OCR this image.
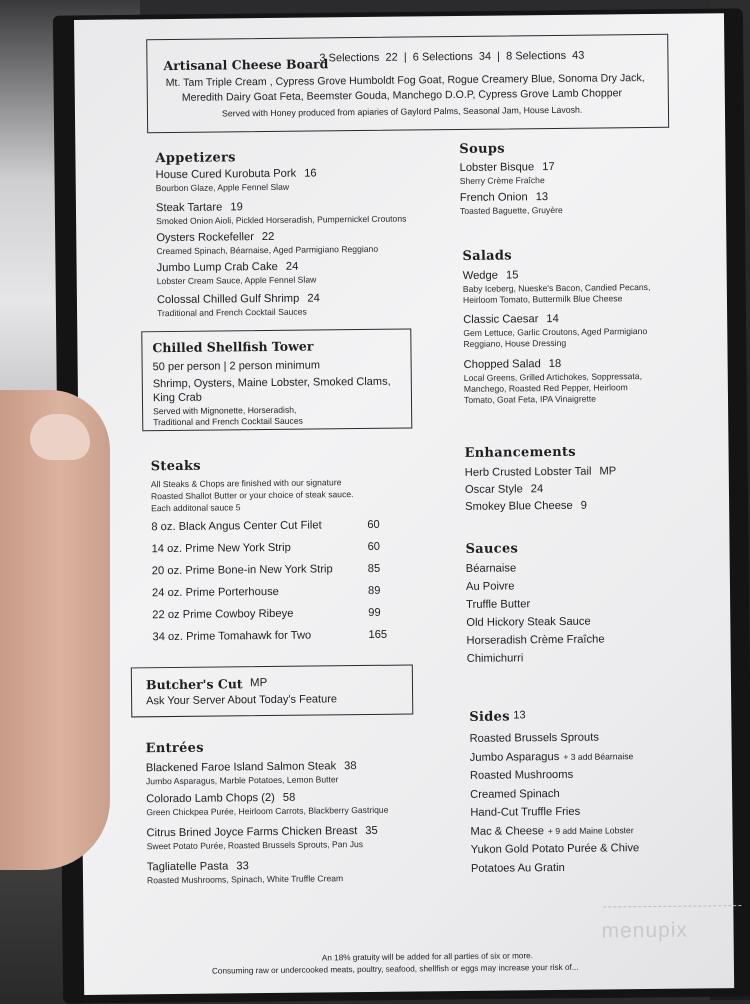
Artisanal Cheese Board
3 Selections  22  |  6 Selections  34  |  8 Selections  43
Mt. Tam Triple Cream , Cypress Grove Humboldt Fog Goat, Rogue Creamery Blue, Sonoma Dry Jack,
Meredith Dairy Goat Feta, Beemster Gouda, Manchego D.O.P, Cypress Grove Lamb Chopper
Served with Honey produced from apiaries of Gaylord Palms, Seasonal Jam, House Lavosh.
Appetizers
House Cured Kurobuta Pork 16
Bourbon Glaze, Apple Fennel Slaw
Steak Tartare 19
Smoked Onion Aioli, Pickled Horseradish, Pumpernickel Croutons
Oysters Rockefeller 22
Creamed Spinach, Béarnaise, Aged Parmigiano Reggiano
Jumbo Lump Crab Cake 24
Lobster Cream Sauce, Apple Fennel Slaw
Colossal Chilled Gulf Shrimp 24
Traditional and French Cocktail Sauces
Chilled Shellfish Tower
50 per person | 2 person minimum
Shrimp, Oysters, Maine Lobster, Smoked Clams,
King Crab
Served with Mignonette, Horseradish,
Traditional and French Cocktail Sauces
Steaks
All Steaks & Chops are finished with our signature
Roasted Shallot Butter or your choice of steak sauce.
Each additonal sauce 5
8 oz. Black Angus Center Cut Filet	60
14 oz. Prime New York Strip	60
20 oz. Prime Bone-in New York Strip	85
24 oz. Prime Porterhouse	89
22 oz Prime Cowboy Ribeye	99
34 oz. Prime Tomahawk for Two	165
Butcher's Cut MP
Ask Your Server About Today's Feature
Entrées
Blackened Faroe Island Salmon Steak 38
Jumbo Asparagus, Marble Potatoes, Lemon Butter
Colorado Lamb Chops (2) 58
Green Chickpea Purée, Heirloom Carrots, Blackberry Gastrique
Citrus Brined Joyce Farms Chicken Breast 35
Sweet Potato Purée, Roasted Brussels Sprouts, Pan Jus
Tagliatelle Pasta 33
Roasted Mushrooms, Spinach, White Truffle Cream
Soups
Lobster Bisque 17
Sherry Crème Fraîche
French Onion 13
Toasted Baguette, Gruyère
Salads
Wedge 15
Baby Iceberg, Nueske's Bacon, Candied Pecans,
Heirloom Tomato, Buttermilk Blue Cheese
Classic Caesar 14
Gem Lettuce, Garlic Croutons, Aged Parmigiano
Reggiano, House Dressing
Chopped Salad 18
Local Greens, Grilled Artichokes, Soppressata,
Manchego, Roasted Red Pepper, Heirloom
Tomato, Goat Feta, IPA Vinaigrette
Enhancements
Herb Crusted Lobster Tail MP
Oscar Style 24
Smokey Blue Cheese 9
Sauces
Béarnaise
Au Poivre
Truffle Butter
Old Hickory Steak Sauce
Horseradish Crème Fraîche
Chimichurri
Sides 13
Roasted Brussels Sprouts
Jumbo Asparagus + 3 add Béarnaise
Roasted Mushrooms
Creamed Spinach
Hand-Cut Truffle Fries
Mac & Cheese + 9 add Maine Lobster
Yukon Gold Potato Purée & Chive
Potatoes Au Gratin
menupix
An 18% gratuity will be added for all parties of six or more.
Consuming raw or undercooked meats, poultry, seafood, shellfish or eggs may increase your risk of...
